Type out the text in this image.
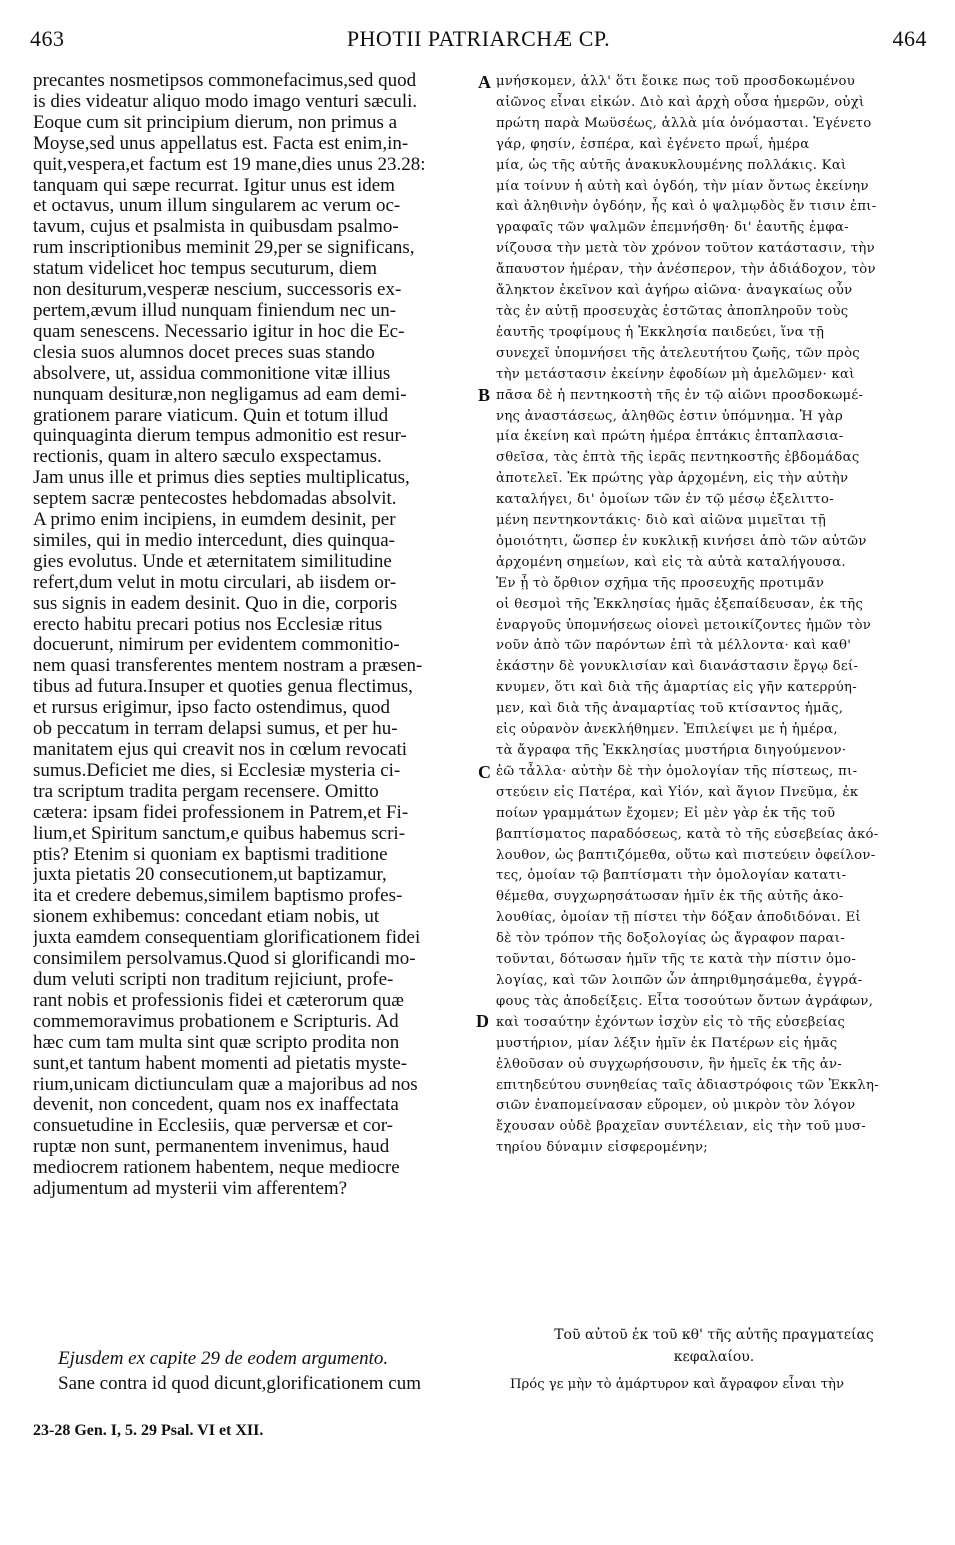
463	PHOTII PATRIARCHÆ CP.	464
precantes nosmetipsos commonefacimus,sed quod
is dies videatur aliquo modo imago venturi sæculi.
Eoque cum sit principium dierum, non primus a
Moyse,sed unus appellatus est. Facta est enim,in-
quit,vespera,et factum est 19 mane,dies unus 23.28:
tanquam qui sæpe recurrat. Igitur unus est idem
et octavus, unum illum singularem ac verum oc-
tavum, cujus et psalmista in quibusdam psalmo-
rum inscriptionibus meminit 29,per se significans,
statum videlicet hoc tempus secuturum, diem
non desiturum,vesperæ nescium, successoris ex-
pertem,ævum illud nunquam finiendum nec un-
quam senescens. Necessario igitur in hoc die Ec-
clesia suos alumnos docet preces suas stando
absolvere, ut, assidua commonitione vitæ illius
nunquam desituræ,non negligamus ad eam demi-
grationem parare viaticum. Quin et totum illud
quinquaginta dierum tempus admonitio est resur-
rectionis, quam in altero sæculo exspectamus.
Jam unus ille et primus dies septies multiplicatus,
septem sacræ pentecostes hebdomadas absolvit.
A primo enim incipiens, in eumdem desinit, per
similes, qui in medio intercedunt, dies quinqua-
gies evolutus. Unde et æternitatem similitudine
refert,dum velut in motu circulari, ab iisdem or-
sus signis in eadem desinit. Quo in die, corporis
erecto habitu precari potius nos Ecclesiæ ritus
docuerunt, nimirum per evidentem commonitio-
nem quasi transferentes mentem nostram a præsen-
tibus ad futura.Insuper et quoties genua flectimus,
et rursus erigimur, ipso facto ostendimus, quod
ob peccatum in terram delapsi sumus, et per hu-
manitatem ejus qui creavit nos in cœlum revocati
sumus.Deficiet me dies, si Ecclesiæ mysteria ci-
tra scriptum tradita pergam recensere. Omitto
cætera: ipsam fidei professionem in Patrem,et Fi-
lium,et Spiritum sanctum,e quibus habemus scri-
ptis? Etenim si quoniam ex baptismi traditione
juxta pietatis 20 consecutionem,ut baptizamur,
ita et credere debemus,similem baptismo profes-
sionem exhibemus: concedant etiam nobis, ut
juxta eamdem consequentiam glorificationem fidei
consimilem persolvamus.Quod si glorificandi mo-
dum veluti scripti non traditum rejiciunt, profe-
rant nobis et professionis fidei et cæterorum quæ
commemoravimus probationem e Scripturis. Ad
hæc cum tam multa sint quæ scripto prodita non
sunt,et tantum habent momenti ad pietatis myste-
rium,unicam dictiunculam quæ a majoribus ad nos
devenit, non concedent, quam nos ex inaffectata
consuetudine in Ecclesiis, quæ perversæ et cor-
ruptæ non sunt, permanentem invenimus, haud
mediocrem rationem habentem, neque mediocre
adjumentum ad mysterii vim afferentem?
μνήσκομεν, ἀλλ' ὅτι ἔοικε πως τοῦ προσδοκωμένου
αἰῶνος εἶναι εἰκών. Διὸ καὶ ἀρχὴ οὖσα ἡμερῶν, οὐχὶ
πρώτη παρὰ Μωϋσέως, ἀλλὰ μία ὀνόμασται. Ἐγένετο
γάρ, φησίν, ἑσπέρα, καὶ ἐγένετο πρωΐ, ἡμέρα
μία, ὡς τῆς αὐτῆς ἀνακυκλουμένης πολλάκις. Καὶ
μία τοίνυν ἡ αὐτὴ καὶ ὀγδόη, τὴν μίαν ὄντως ἐκείνην
καὶ ἀληθινὴν ὀγδόην, ἧς καὶ ὁ ψαλμῳδὸς ἔν τισιν ἐπι-
γραφαῖς τῶν ψαλμῶν ἐπεμνήσθη· δι' ἑαυτῆς ἐμφα-
νίζουσα τὴν μετὰ τὸν χρόνον τοῦτον κατάστασιν, τὴν
ἄπαυστον ἡμέραν, τὴν ἀνέσπερον, τὴν ἀδιάδοχον, τὸν
ἄληκτον ἐκεῖνον καὶ ἀγήρω αἰῶνα· ἀναγκαίως οὖν
τὰς ἐν αὐτῇ προσευχὰς ἑστῶτας ἀποπληροῦν τοὺς
ἑαυτῆς τροφίμους ἡ Ἐκκλησία παιδεύει, ἵνα τῇ
συνεχεῖ ὑπομνήσει τῆς ἀτελευτήτου ζωῆς, τῶν πρὸς
τὴν μετάστασιν ἐκείνην ἐφοδίων μὴ ἀμελῶμεν· καὶ
πᾶσα δὲ ἡ πεντηκοστὴ τῆς ἐν τῷ αἰῶνι προσδοκωμέ-
νης ἀναστάσεως, ἀληθῶς ἐστιν ὑπόμνημα. Ἡ γὰρ
μία ἐκείνη καὶ πρώτη ἡμέρα ἑπτάκις ἑπταπλασια-
σθεῖσα, τὰς ἑπτὰ τῆς ἱερᾶς πεντηκοστῆς ἑβδομάδας
ἀποτελεῖ. Ἐκ πρώτης γὰρ ἀρχομένη, εἰς τὴν αὐτὴν
καταλήγει, δι' ὁμοίων τῶν ἐν τῷ μέσῳ ἐξελιττο-
μένη πεντηκοντάκις· διὸ καὶ αἰῶνα μιμεῖται τῇ
ὁμοιότητι, ὥσπερ ἐν κυκλικῇ κινήσει ἀπὸ τῶν αὐτῶν
ἀρχομένη σημείων, καὶ εἰς τὰ αὐτὰ καταλήγουσα.
Ἐν ᾗ τὸ ὄρθιον σχῆμα τῆς προσευχῆς προτιμᾶν
οἱ θεσμοὶ τῆς Ἐκκλησίας ἡμᾶς ἐξεπαίδευσαν, ἐκ τῆς
ἐναργοῦς ὑπομνήσεως οἱονεὶ μετοικίζοντες ἡμῶν τὸν
νοῦν ἀπὸ τῶν παρόντων ἐπὶ τὰ μέλλοντα· καὶ καθ'
ἑκάστην δὲ γονυκλισίαν καὶ διανάστασιν ἔργῳ δεί-
κνυμεν, ὅτι καὶ διὰ τῆς ἁμαρτίας εἰς γῆν κατερρύη-
μεν, καὶ διὰ τῆς ἀναμαρτίας τοῦ κτίσαντος ἡμᾶς,
εἰς οὐρανὸν ἀνεκλήθημεν. Ἐπιλείψει με ἡ ἡμέρα,
τὰ ἄγραφα τῆς Ἐκκλησίας μυστήρια διηγούμενον·
ἐῶ τἆλλα· αὐτὴν δὲ τὴν ὁμολογίαν τῆς πίστεως, πι-
στεύειν εἰς Πατέρα, καὶ Υἱόν, καὶ ἅγιον Πνεῦμα, ἐκ
ποίων γραμμάτων ἔχομεν; Εἰ μὲν γὰρ ἐκ τῆς τοῦ
βαπτίσματος παραδόσεως, κατὰ τὸ τῆς εὐσεβείας ἀκό-
λουθον, ὡς βαπτιζόμεθα, οὕτω καὶ πιστεύειν ὀφείλον-
τες, ὁμοίαν τῷ βαπτίσματι τὴν ὁμολογίαν κατατι-
θέμεθα, συγχωρησάτωσαν ἡμῖν ἐκ τῆς αὐτῆς ἀκο-
λουθίας, ὁμοίαν τῇ πίστει τὴν δόξαν ἀποδιδόναι. Εἰ
δὲ τὸν τρόπον τῆς δοξολογίας ὡς ἄγραφον παραι-
τοῦνται, δότωσαν ἡμῖν τῆς τε κατὰ τὴν πίστιν ὁμο-
λογίας, καὶ τῶν λοιπῶν ὧν ἀπηριθμησάμεθα, ἐγγρά-
φους τὰς ἀποδείξεις. Εἶτα τοσούτων ὄντων ἀγράφων,
καὶ τοσαύτην ἐχόντων ἰσχὺν εἰς τὸ τῆς εὐσεβείας
μυστήριον, μίαν λέξιν ἡμῖν ἐκ Πατέρων εἰς ἡμᾶς
ἐλθοῦσαν οὐ συγχωρήσουσιν, ἣν ἡμεῖς ἐκ τῆς ἀν-
επιτηδεύτου συνηθείας ταῖς ἀδιαστρόφοις τῶν Ἐκκλη-
σιῶν ἐναπομείνασαν εὕρομεν, οὐ μικρὸν τὸν λόγον
ἔχουσαν οὐδὲ βραχεῖαν συντέλειαν, εἰς τὴν τοῦ μυσ-
τηρίου δύναμιν εἰσφερομένην;
A
B
C
D
Ejusdem ex capite 29 de eodem argumento.
Sane contra id quod dicunt,glorificationem cum
Τοῦ αὐτοῦ ἐκ τοῦ κθ' τῆς αὐτῆς πραγματείας
κεφαλαίου.
Πρός γε μὴν τὸ ἀμάρτυρον καὶ ἄγραφον εἶναι τὴν
23-28 Gen. I, 5. 29 Psal. VI et XII.
